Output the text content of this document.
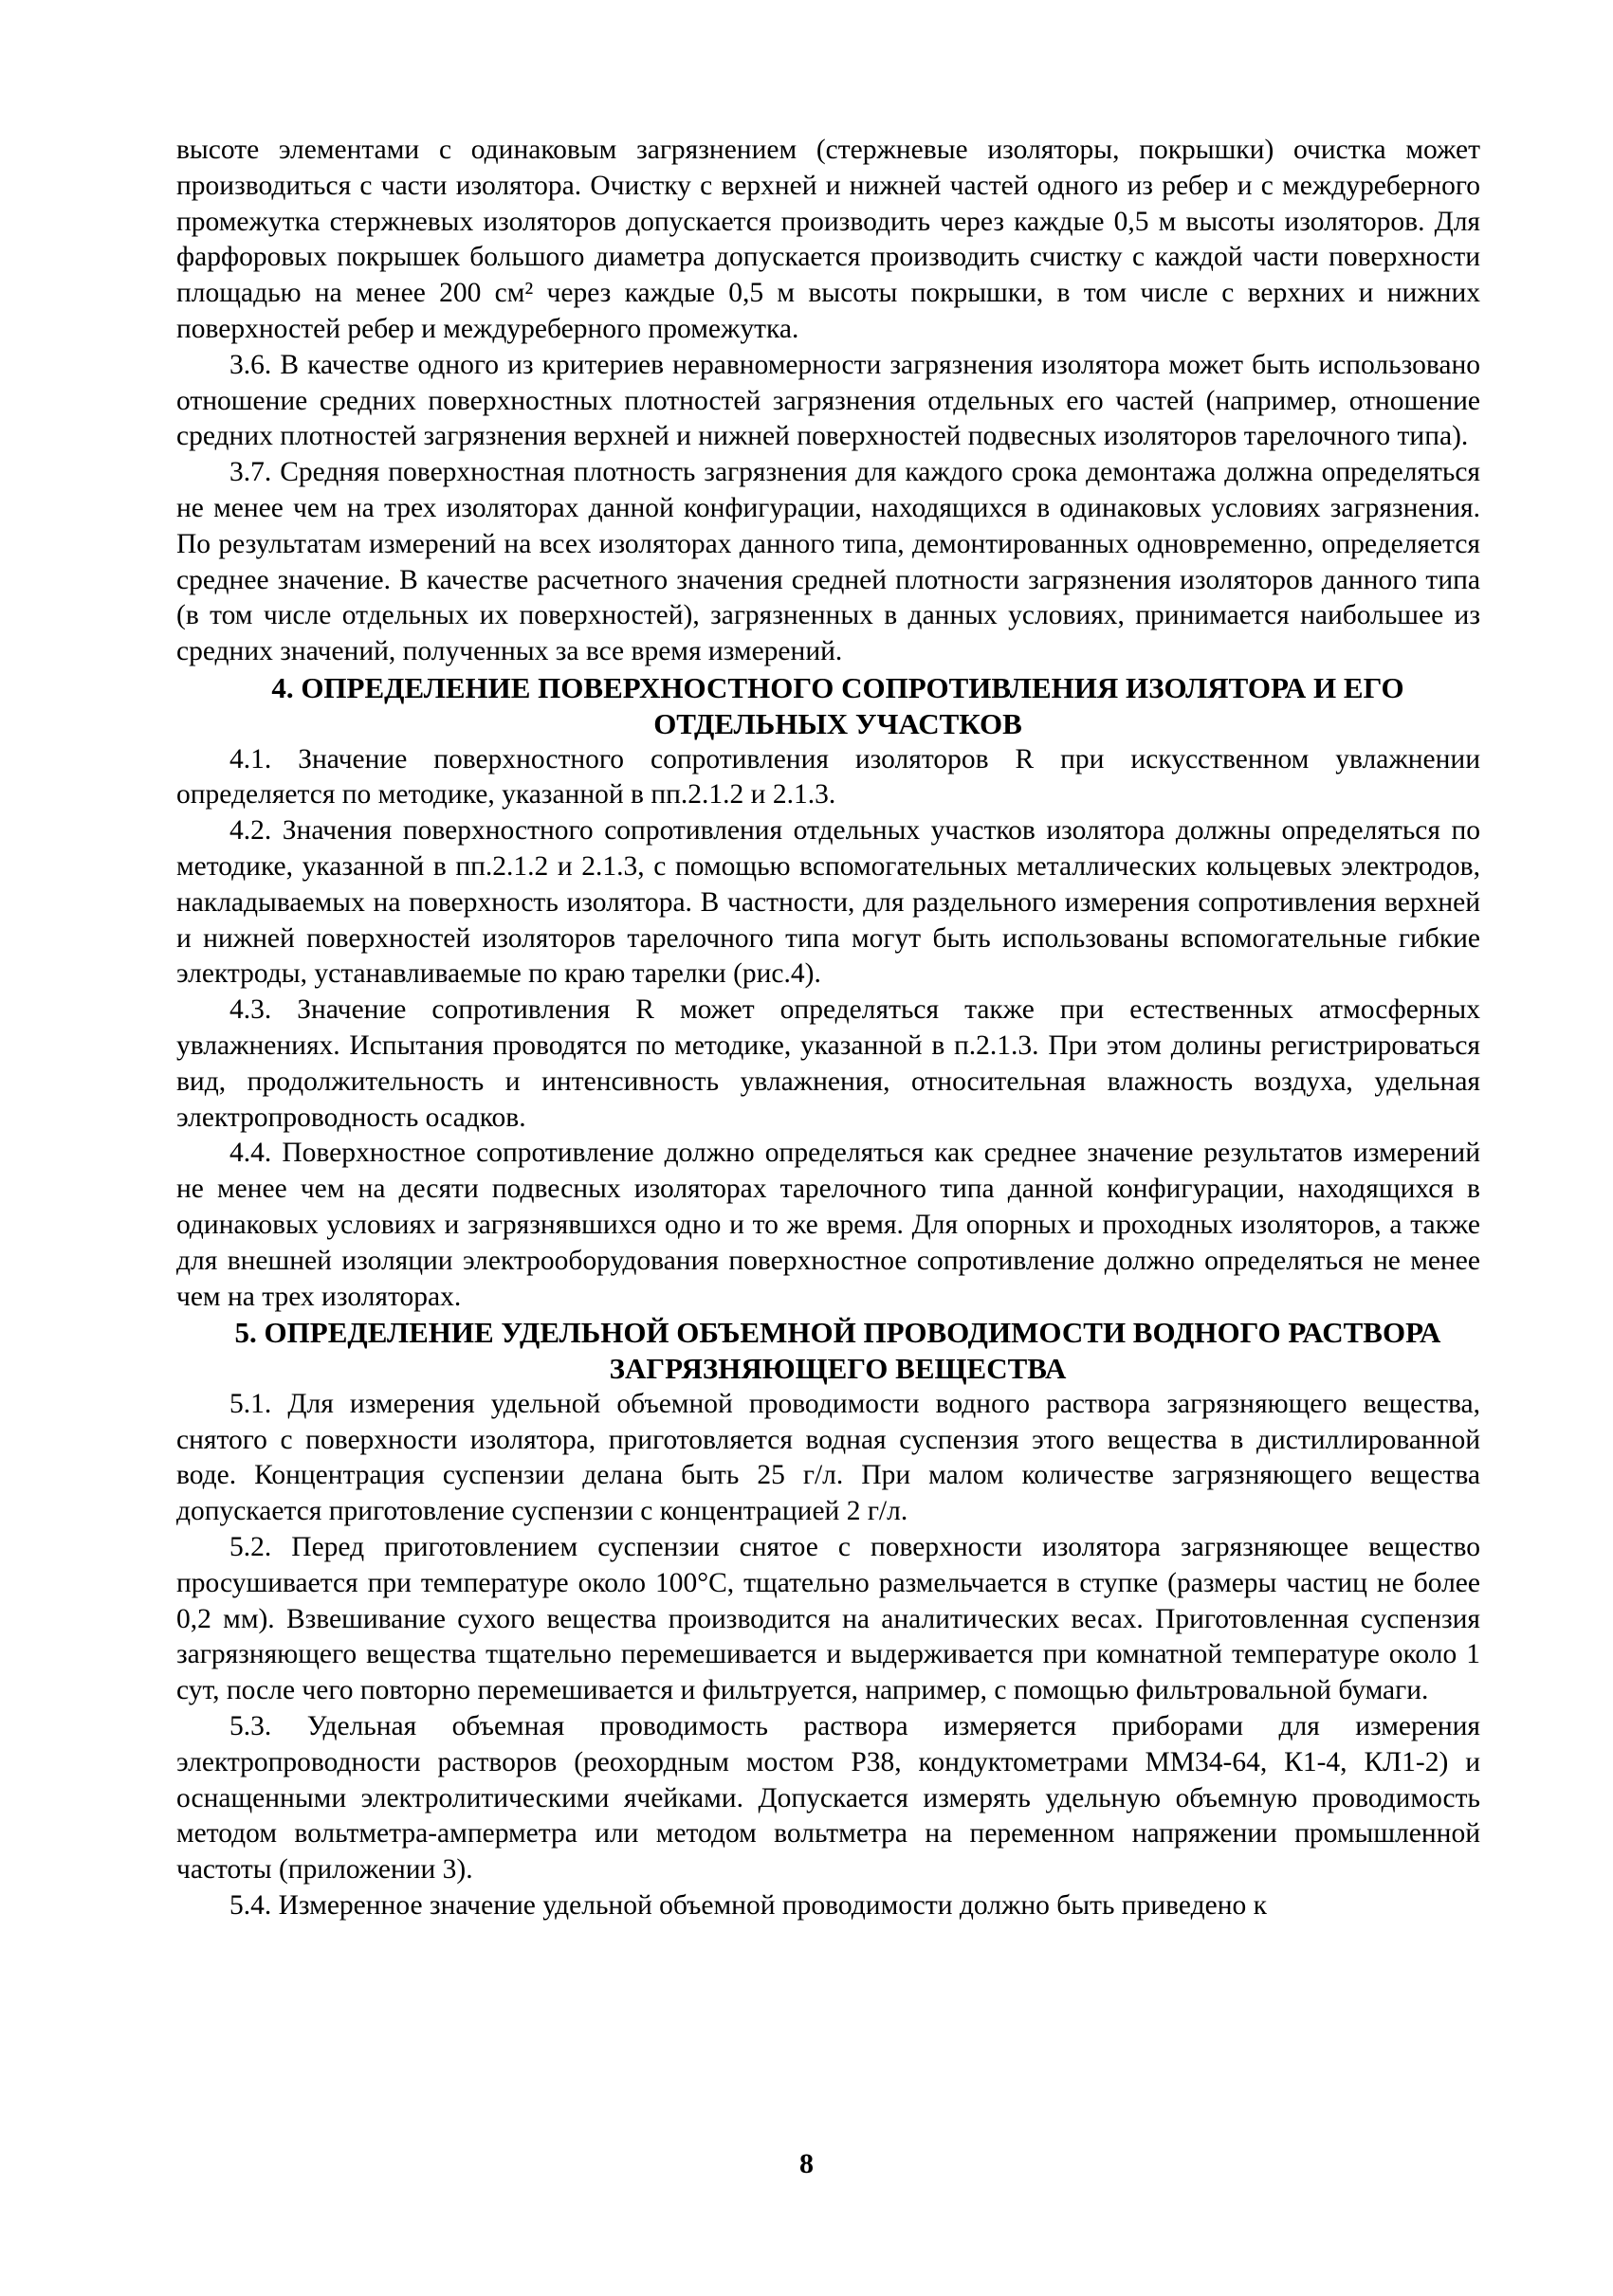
высоте элементами с одинаковым загрязнением (стержневые изоляторы, покрышки) очистка может производиться с части изолятора. Очистку с верхней и нижней частей одного из ребер и с междуреберного промежутка стержневых изоляторов допускается производить через каждые 0,5 м высоты изоляторов. Для фарфоровых покрышек большого диаметра допускается производить счистку с каждой части поверхности площадью на менее 200 см² через каждые 0,5 м высоты покрышки, в том числе с верхних и нижних поверхностей ребер и междуреберного промежутка.

3.6. В качестве одного из критериев неравномерности загрязнения изолятора может быть использовано отношение средних поверхностных плотностей загрязнения отдельных его частей (например, отношение средних плотностей загрязнения верхней и нижней поверхностей подвесных изоляторов тарелочного типа).

3.7. Средняя поверхностная плотность загрязнения для каждого срока демонтажа должна определяться не менее чем на трех изоляторах данной конфигурации, находящихся в одинаковых условиях загрязнения. По результатам измерений на всех изоляторах данного типа, демонтированных одновременно, определяется среднее значение. В качестве расчетного значения средней плотности загрязнения изоляторов данного типа (в том числе отдельных их поверхностей), загрязненных в данных условиях, принимается наибольшее из средних значений, полученных за все время измерений.

4. ОПРЕДЕЛЕНИЕ ПОВЕРХНОСТНОГО СОПРОТИВЛЕНИЯ ИЗОЛЯТОРА И ЕГО ОТДЕЛЬНЫХ УЧАСТКОВ

4.1. Значение поверхностного сопротивления изоляторов R при искусственном увлажнении определяется по методике, указанной в пп.2.1.2 и 2.1.3.

4.2. Значения поверхностного сопротивления отдельных участков изолятора должны определяться по методике, указанной в пп.2.1.2 и 2.1.3, с помощью вспомогательных металлических кольцевых электродов, накладываемых на поверхность изолятора. В частности, для раздельного измерения сопротивления верхней и нижней поверхностей изоляторов тарелочного типа могут быть использованы вспомогательные гибкие электроды, устанавливаемые по краю тарелки (рис.4).

4.3. Значение сопротивления R может определяться также при естественных атмосферных увлажнениях. Испытания проводятся по методике, указанной в п.2.1.3. При этом долины регистрироваться вид, продолжительность и интенсивность увлажнения, относительная влажность воздуха, удельная электропроводность осадков.

4.4. Поверхностное сопротивление должно определяться как среднее значение результатов измерений не менее чем на десяти подвесных изоляторах тарелочного типа данной конфигурации, находящихся в одинаковых условиях и загрязнявшихся одно и то же время. Для опорных и проходных изоляторов, а также для внешней изоляции электрооборудования поверхностное сопротивление должно определяться не менее чем на трех изоляторах.

5. ОПРЕДЕЛЕНИЕ УДЕЛЬНОЙ ОБЪЕМНОЙ ПРОВОДИМОСТИ ВОДНОГО РАСТВОРА ЗАГРЯЗНЯЮЩЕГО ВЕЩЕСТВА

5.1. Для измерения удельной объемной проводимости водного раствора загрязняющего вещества, снятого с поверхности изолятора, приготовляется водная суспензия этого вещества в дистиллированной воде. Концентрация суспензии делана быть 25 г/л. При малом количестве загрязняющего вещества допускается приготовление суспензии с концентрацией 2 г/л.

5.2. Перед приготовлением суспензии снятое с поверхности изолятора загрязняющее вещество просушивается при температуре около 100°С, тщательно размельчается в ступке (размеры частиц не более 0,2 мм). Взвешивание сухого вещества производится на аналитических весах. Приготовленная суспензия загрязняющего вещества тщательно перемешивается и выдерживается при комнатной температуре около 1 сут, после чего повторно перемешивается и фильтруется, например, с помощью фильтровальной бумаги.

5.3. Удельная объемная проводимость раствора измеряется приборами для измерения электропроводности растворов (реохордным мостом Р38, кондуктометрами ММ34-64, К1-4, КЛ1-2) и оснащенными электролитическими ячейками. Допускается измерять удельную объемную проводимость методом вольтметра-амперметра или методом вольтметра на переменном напряжении промышленной частоты (приложении 3).

5.4. Измеренное значение удельной объемной проводимости должно быть приведено к

8
